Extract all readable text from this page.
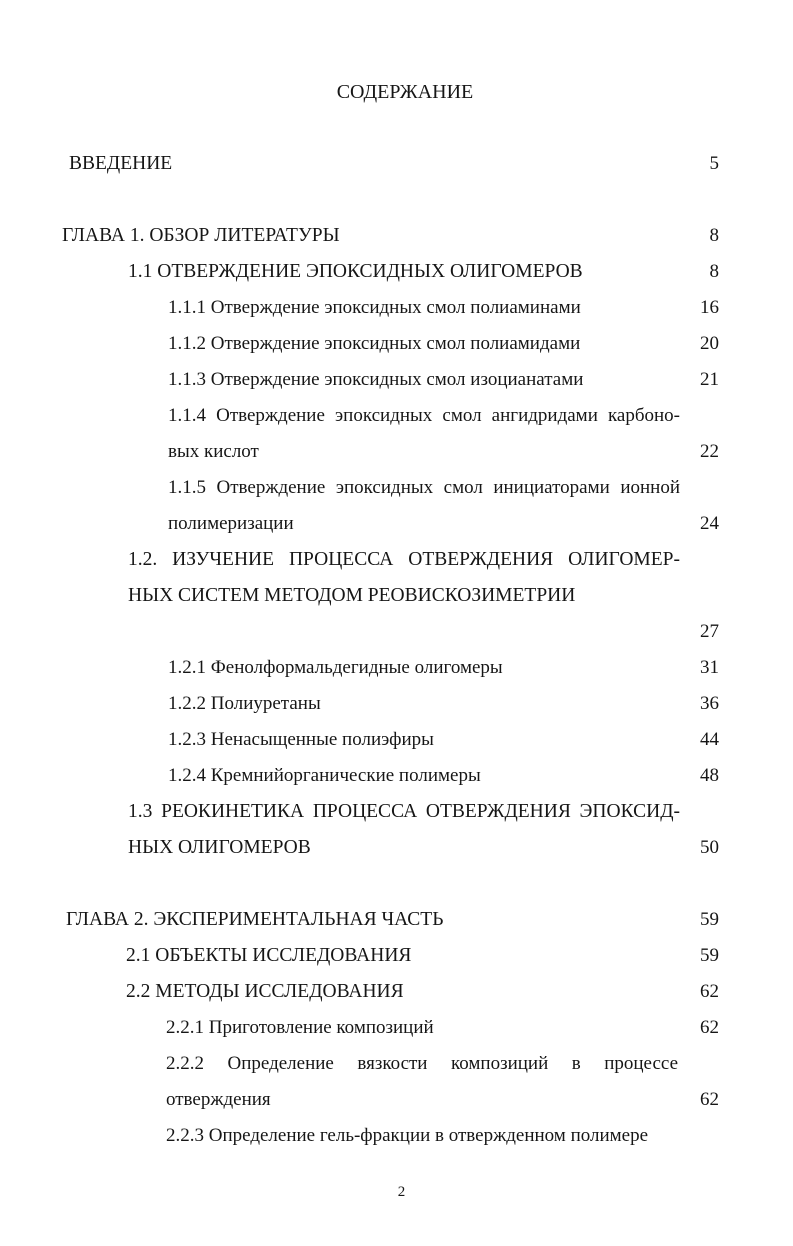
СОДЕРЖАНИЕ
ВВЕДЕНИЕ	5
ГЛАВА 1. ОБЗОР ЛИТЕРАТУРЫ	8
1.1 ОТВЕРЖДЕНИЕ ЭПОКСИДНЫХ ОЛИГОМЕРОВ	8
1.1.1 Отверждение эпоксидных смол полиаминами	16
1.1.2 Отверждение эпоксидных смол полиамидами	20
1.1.3 Отверждение эпоксидных смол изоцианатами	21
1.1.4 Отверждение эпоксидных смол ангидридами карбоно-
вых кислот	22
1.1.5 Отверждение эпоксидных смол инициаторами ионной
полимеризации	24
1.2. ИЗУЧЕНИЕ ПРОЦЕССА ОТВЕРЖДЕНИЯ ОЛИГОМЕР-
НЫХ СИСТЕМ МЕТОДОМ РЕОВИСКОЗИМЕТРИИ
27
1.2.1 Фенолформальдегидные олигомеры	31
1.2.2 Полиуретаны	36
1.2.3 Ненасыщенные полиэфиры	44
1.2.4 Кремнийорганические полимеры	48
1.3 РЕОКИНЕТИКА ПРОЦЕССА ОТВЕРЖДЕНИЯ ЭПОКСИД-
НЫХ ОЛИГОМЕРОВ	50
ГЛАВА 2. ЭКСПЕРИМЕНТАЛЬНАЯ ЧАСТЬ	59
2.1 ОБЪЕКТЫ ИССЛЕДОВАНИЯ	59
2.2 МЕТОДЫ ИССЛЕДОВАНИЯ	62
2.2.1 Приготовление композиций	62
2.2.2 Определение вязкости композиций в процессе
отверждения	62
2.2.3 Определение гель-фракции в отвержденном полимере
2
